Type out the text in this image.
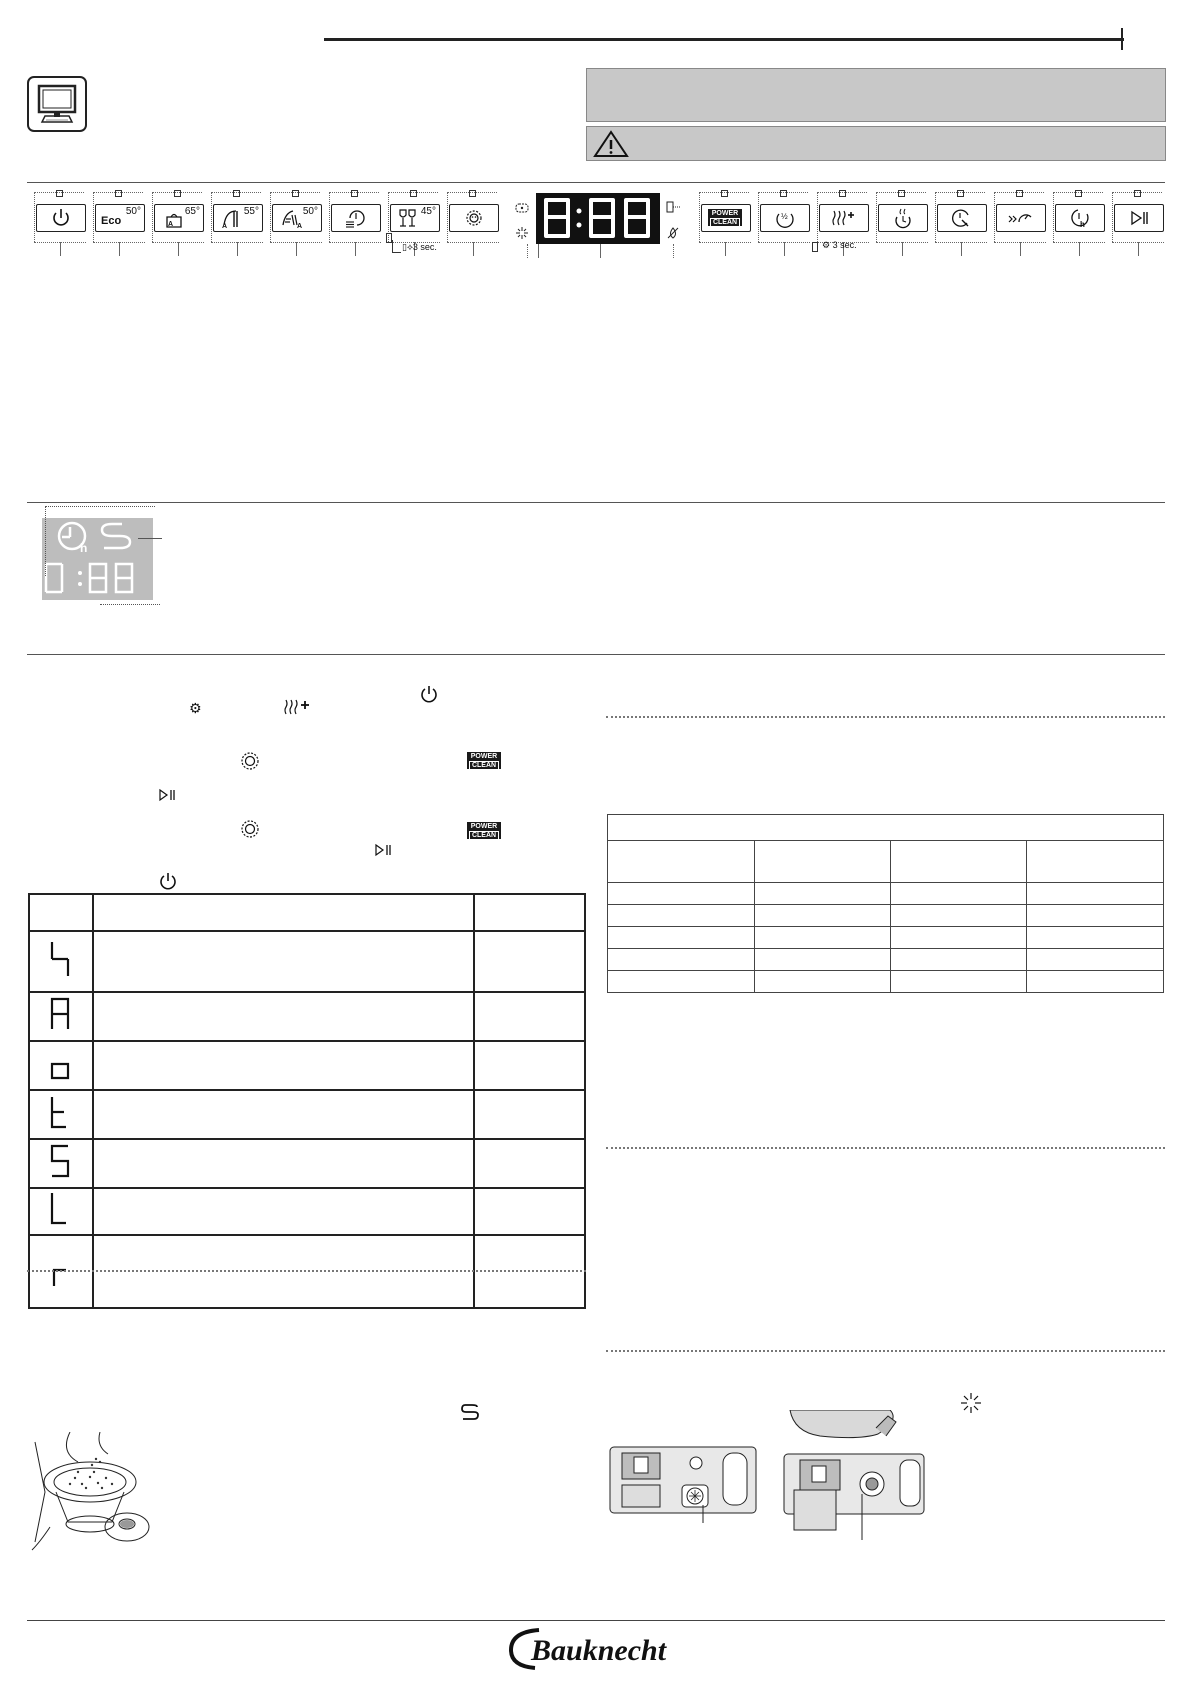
Eco
50°
A
65°
A
55°
A
50°	45°
▯⟡3 sec.
POWER
CLEAN
½
⚙ 3 sec.
h
h
⚙
POWER
CLEAN
POWER
CLEAN

Bauknecht
